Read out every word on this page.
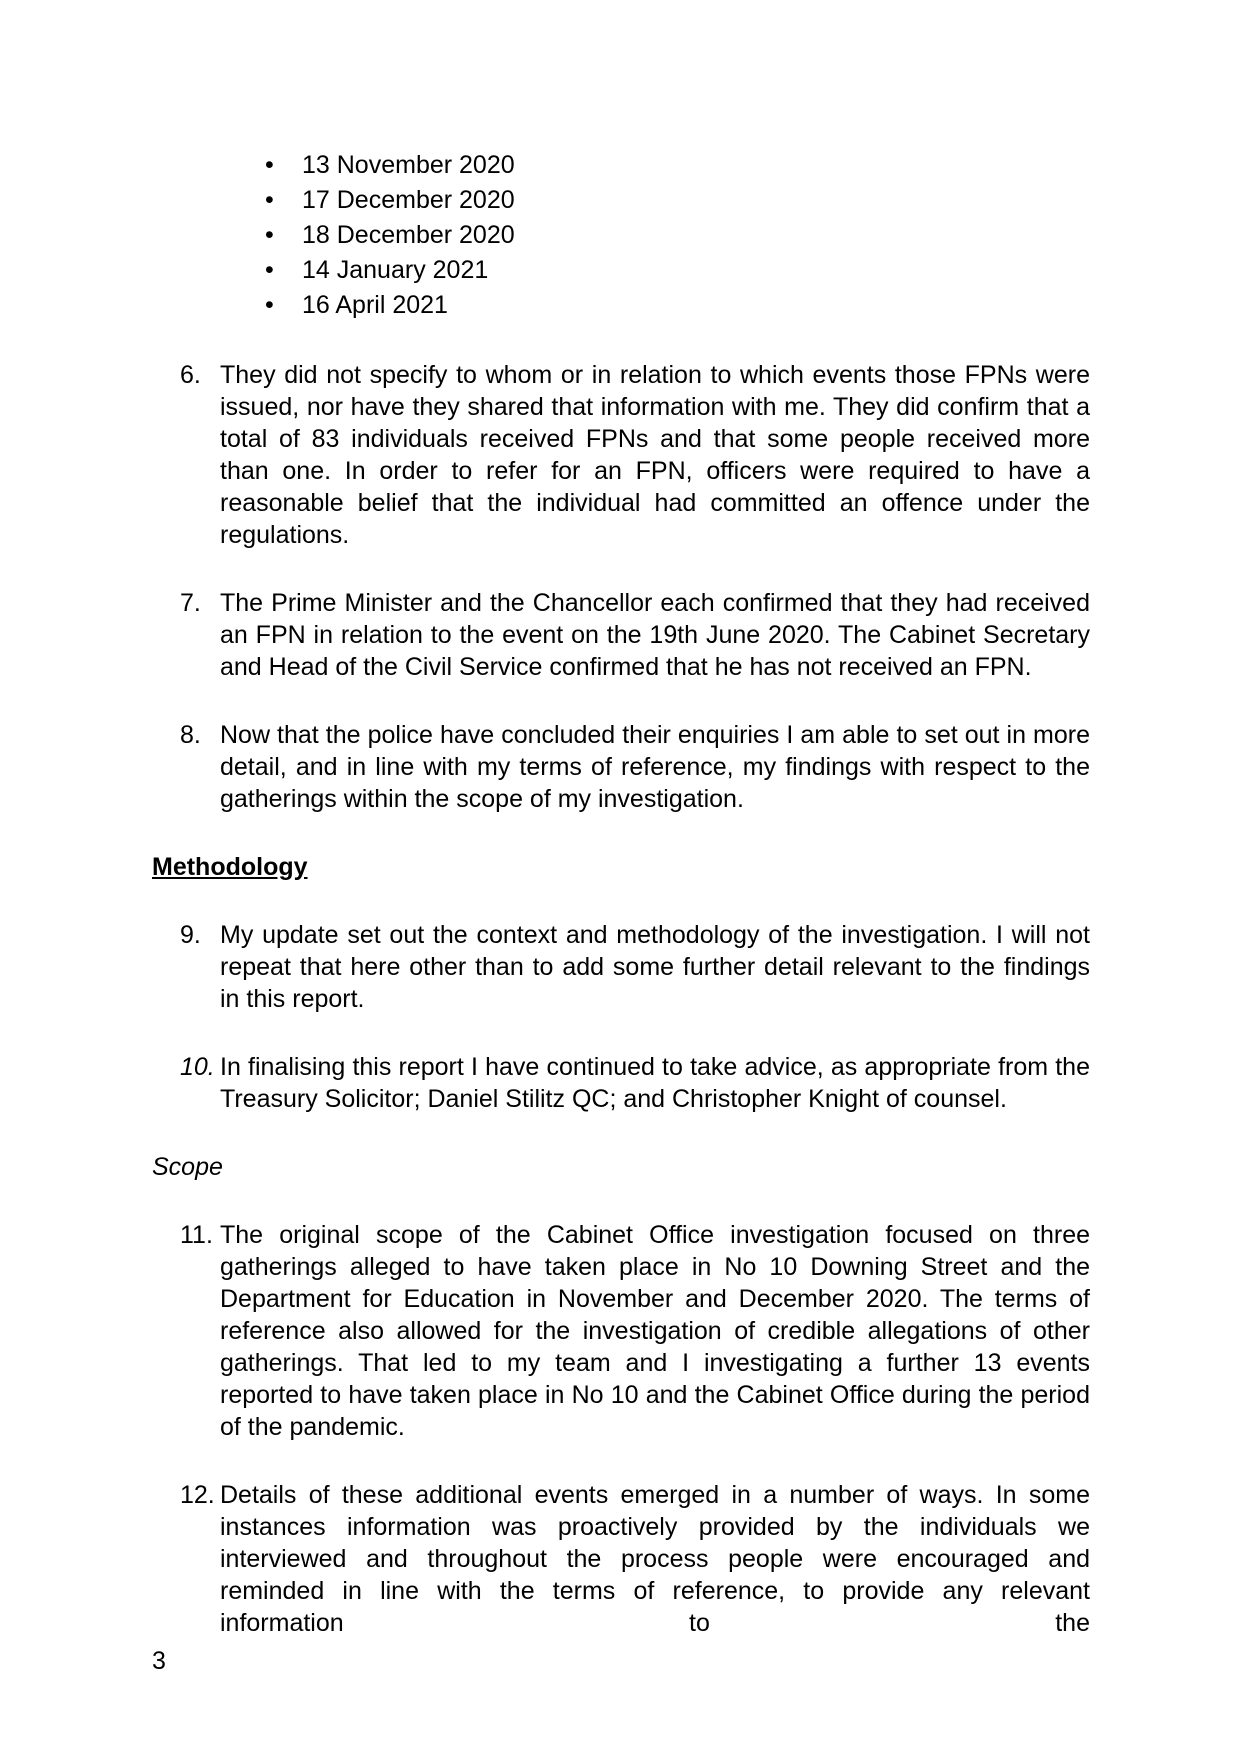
• 13 November 2020
• 17 December 2020
• 18 December 2020
• 14 January 2021
• 16 April 2021
6. They did not specify to whom or in relation to which events those FPNs were issued, nor have they shared that information with me. They did confirm that a total of 83 individuals received FPNs and that some people received more than one. In order to refer for an FPN, officers were required to have a reasonable belief that the individual had committed an offence under the regulations.
7. The Prime Minister and the Chancellor each confirmed that they had received an FPN in relation to the event on the 19th June 2020. The Cabinet Secretary and Head of the Civil Service confirmed that he has not received an FPN.
8. Now that the police have concluded their enquiries I am able to set out in more detail, and in line with my terms of reference, my findings with respect to the gatherings within the scope of my investigation.
Methodology
9. My update set out the context and methodology of the investigation. I will not repeat that here other than to add some further detail relevant to the findings in this report.
10. In finalising this report I have continued to take advice, as appropriate from the Treasury Solicitor; Daniel Stilitz QC; and Christopher Knight of counsel.
Scope
11. The original scope of the Cabinet Office investigation focused on three gatherings alleged to have taken place in No 10 Downing Street and the Department for Education in November and December 2020. The terms of reference also allowed for the investigation of credible allegations of other gatherings. That led to my team and I investigating a further 13 events reported to have taken place in No 10 and the Cabinet Office during the period of the pandemic.
12. Details of these additional events emerged in a number of ways. In some instances information was proactively provided by the individuals we interviewed and throughout the process people were encouraged and reminded in line with the terms of reference, to provide any relevant information to the
3
